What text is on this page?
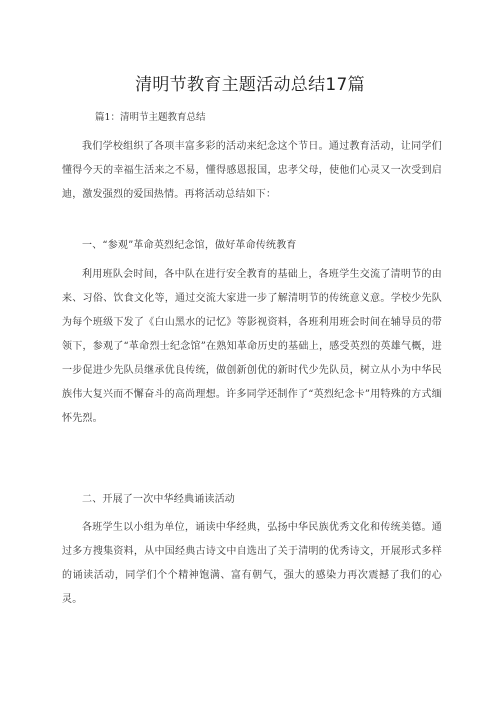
清明节教育主题活动总结17篇
篇1：清明节主题教育总结
我们学校组织了各项丰富多彩的活动来纪念这个节日。通过教育活动，让同学们懂得今天的幸福生活来之不易，懂得感恩报国，忠孝父母，使他们心灵又一次受到启迪，激发强烈的爱国热情。再将活动总结如下：
一、“参观”革命英烈纪念馆，做好革命传统教育
利用班队会时间，各中队在进行安全教育的基础上，各班学生交流了清明节的由来、习俗、饮食文化等，通过交流大家进一步了解清明节的传统意义意。学校少先队为每个班级下发了《白山黑水的记忆》等影视资料，各班利用班会时间在辅导员的带领下，参观了“革命烈士纪念馆”在熟知革命历史的基础上，感受英烈的英雄气概，进一步促进少先队员继承优良传统，做创新创优的新时代少先队员，树立从小为中华民族伟大复兴而不懈奋斗的高尚理想。许多同学还制作了“英烈纪念卡”用特殊的方式缅怀先烈。
二、开展了一次中华经典诵读活动
各班学生以小组为单位，诵读中华经典，弘扬中华民族优秀文化和传统美德。通过多方搜集资料，从中国经典古诗文中自选出了关于清明的优秀诗文，开展形式多样的诵读活动，同学们个个精神饱满、富有朝气，强大的感染力再次震撼了我们的心灵。
